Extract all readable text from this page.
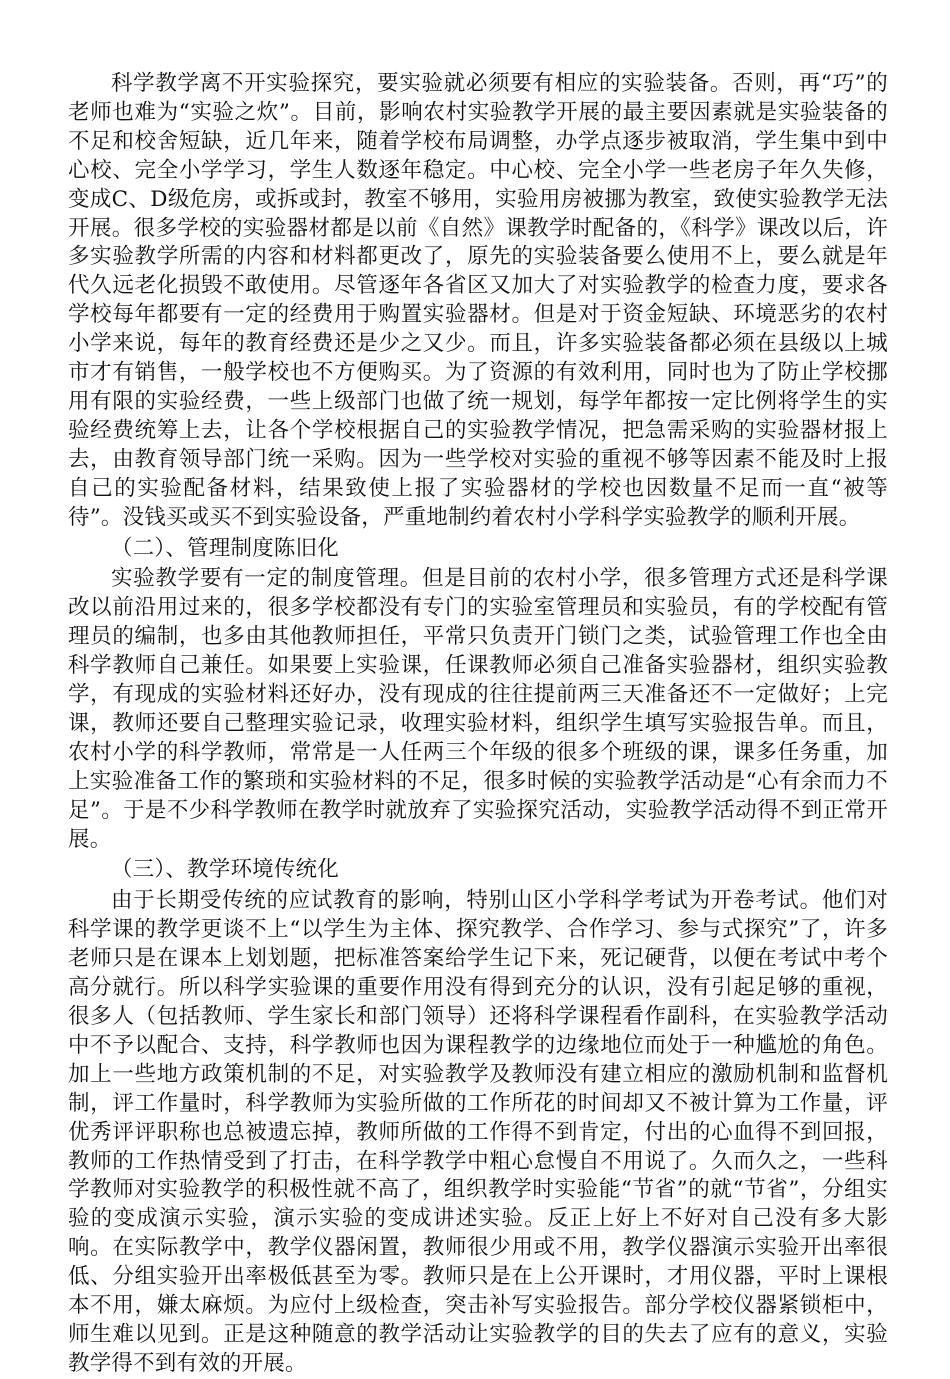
科学教学离不开实验探究，要实验就必须要有相应的实验装备。否则，再“巧”的老师也难为“实验之炊”。目前，影响农村实验教学开展的最主要因素就是实验装备的不足和校舍短缺，近几年来，随着学校布局调整，办学点逐步被取消，学生集中到中心校、完全小学学习，学生人数逐年稳定。中心校、完全小学一些老房子年久失修，变成C、D级危房，或拆或封，教室不够用，实验用房被挪为教室，致使实验教学无法开展。很多学校的实验器材都是以前《自然》课教学时配备的，《科学》课改以后，许多实验教学所需的内容和材料都更改了，原先的实验装备要么使用不上，要么就是年代久远老化损毁不敢使用。尽管逐年各省区又加大了对实验教学的检查力度，要求各学校每年都要有一定的经费用于购置实验器材。但是对于资金短缺、环境恶劣的农村小学来说，每年的教育经费还是少之又少。而且，许多实验装备都必须在县级以上城市才有销售，一般学校也不方便购买。为了资源的有效利用，同时也为了防止学校挪用有限的实验经费，一些上级部门也做了统一规划，每学年都按一定比例将学生的实验经费统筹上去，让各个学校根据自己的实验教学情况，把急需采购的实验器材报上去，由教育领导部门统一采购。因为一些学校对实验的重视不够等因素不能及时上报自己的实验配备材料，结果致使上报了实验器材的学校也因数量不足而一直“被等待”。没钱买或买不到实验设备，严重地制约着农村小学科学实验教学的顺利开展。

（二）、管理制度陈旧化

实验教学要有一定的制度管理。但是目前的农村小学，很多管理方式还是科学课改以前沿用过来的，很多学校都没有专门的实验室管理员和实验员，有的学校配有管理员的编制，也多由其他教师担任，平常只负责开门锁门之类，试验管理工作也全由科学教师自己兼任。如果要上实验课，任课教师必须自己准备实验器材，组织实验教学，有现成的实验材料还好办，没有现成的往往提前两三天准备还不一定做好；上完课，教师还要自己整理实验记录，收理实验材料，组织学生填写实验报告单。而且，农村小学的科学教师，常常是一人任两三个年级的很多个班级的课，课多任务重，加上实验准备工作的繁琐和实验材料的不足，很多时候的实验教学活动是“心有余而力不足”。于是不少科学教师在教学时就放弃了实验探究活动，实验教学活动得不到正常开展。

（三）、教学环境传统化

由于长期受传统的应试教育的影响，特别山区小学科学考试为开卷考试。他们对科学课的教学更谈不上“以学生为主体、探究教学、合作学习、参与式探究”了，许多老师只是在课本上划划题，把标准答案给学生记下来，死记硬背，以便在考试中考个高分就行。所以科学实验课的重要作用没有得到充分的认识，没有引起足够的重视，很多人（包括教师、学生家长和部门领导）还将科学课程看作副科，在实验教学活动中不予以配合、支持，科学教师也因为课程教学的边缘地位而处于一种尴尬的角色。加上一些地方政策机制的不足，对实验教学及教师没有建立相应的激励机制和监督机制，评工作量时，科学教师为实验所做的工作所花的时间却又不被计算为工作量，评优秀评评职称也总被遗忘掉，教师所做的工作得不到肯定，付出的心血得不到回报，教师的工作热情受到了打击，在科学教学中粗心怠慢自不用说了。久而久之，一些科学教师对实验教学的积极性就不高了，组织教学时实验能“节省”的就“节省”，分组实验的变成演示实验，演示实验的变成讲述实验。反正上好上不好对自己没有多大影响。在实际教学中，教学仪器闲置，教师很少用或不用，教学仪器演示实验开出率很低、分组实验开出率极低甚至为零。教师只是在上公开课时，才用仪器，平时上课根本不用，嫌太麻烦。为应付上级检查，突击补写实验报告。部分学校仪器紧锁柜中，师生难以见到。正是这种随意的教学活动让实验教学的目的失去了应有的意义，实验教学得不到有效的开展。
